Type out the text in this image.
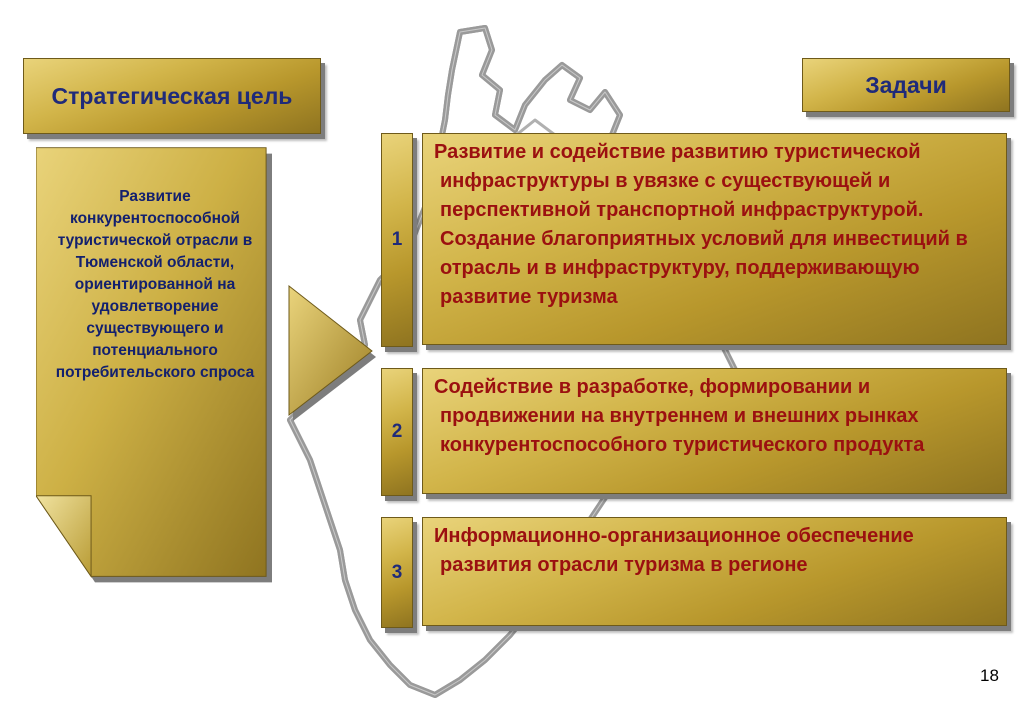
Стратегическая цель	Задачи
Развитие конкурентоспособной туристической отрасли в Тюменской области, ориентированной на удовлетворение существующего и потенциального потребительского спроса
1
2
3
Развитие и содействие развитию туристической инфраструктуры в увязке с существующей и перспективной транспортной инфраструктурой. Создание благоприятных условий для инвестиций в отрасль и в инфраструктуру, поддерживающую развитие туризма
Содействие в разработке, формировании и продвижении на внутреннем и внешних рынках конкурентоспособного туристического продукта
Информационно-организационное обеспечение развития отрасли туризма в регионе
18
